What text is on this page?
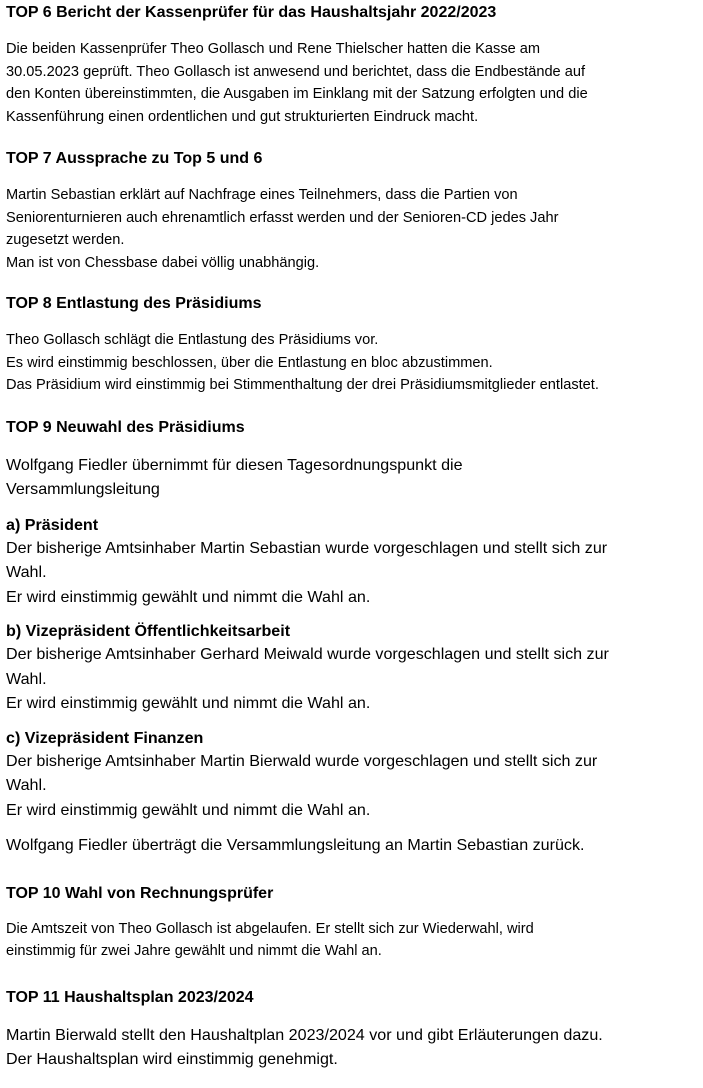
TOP 6 Bericht der Kassenprüfer für das Haushaltsjahr 2022/2023
Die beiden Kassenprüfer Theo Gollasch und Rene Thielscher hatten die Kasse am
30.05.2023 geprüft. Theo Gollasch ist anwesend und berichtet, dass die Endbestände auf
den Konten übereinstimmten, die Ausgaben im Einklang mit der Satzung erfolgten und die
Kassenführung einen ordentlichen und gut strukturierten Eindruck macht.
TOP 7 Aussprache zu Top 5 und 6
Martin Sebastian erklärt auf Nachfrage eines Teilnehmers, dass die Partien von
Seniorenturnieren auch ehrenamtlich erfasst werden und der Senioren-CD jedes Jahr
zugesetzt werden.
Man ist von Chessbase dabei völlig unabhängig.
TOP 8 Entlastung des Präsidiums
Theo Gollasch schlägt die Entlastung des Präsidiums vor.
Es wird einstimmig beschlossen, über die Entlastung en bloc abzustimmen.
Das Präsidium wird einstimmig bei Stimmenthaltung der drei Präsidiumsmitglieder entlastet.
TOP 9 Neuwahl des Präsidiums
Wolfgang Fiedler übernimmt für diesen Tagesordnungspunkt die
Versammlungsleitung
a) Präsident
Der bisherige Amtsinhaber Martin Sebastian wurde vorgeschlagen und stellt sich zur
Wahl.
Er wird einstimmig gewählt und nimmt die Wahl an.
b) Vizepräsident Öffentlichkeitsarbeit
Der bisherige Amtsinhaber Gerhard Meiwald wurde vorgeschlagen und stellt sich zur
Wahl.
Er wird einstimmig gewählt und nimmt die Wahl an.
c) Vizepräsident Finanzen
Der bisherige Amtsinhaber Martin Bierwald wurde vorgeschlagen und stellt sich zur
Wahl.
Er wird einstimmig gewählt und nimmt die Wahl an.
Wolfgang Fiedler überträgt die Versammlungsleitung an Martin Sebastian zurück.
TOP 10 Wahl von Rechnungsprüfer
Die Amtszeit von Theo Gollasch ist abgelaufen. Er stellt sich zur Wiederwahl, wird
einstimmig für zwei Jahre gewählt und nimmt die Wahl an.
TOP 11 Haushaltsplan 2023/2024
Martin Bierwald stellt den Haushaltplan 2023/2024 vor und gibt Erläuterungen dazu.
Der Haushaltsplan wird einstimmig genehmigt.
